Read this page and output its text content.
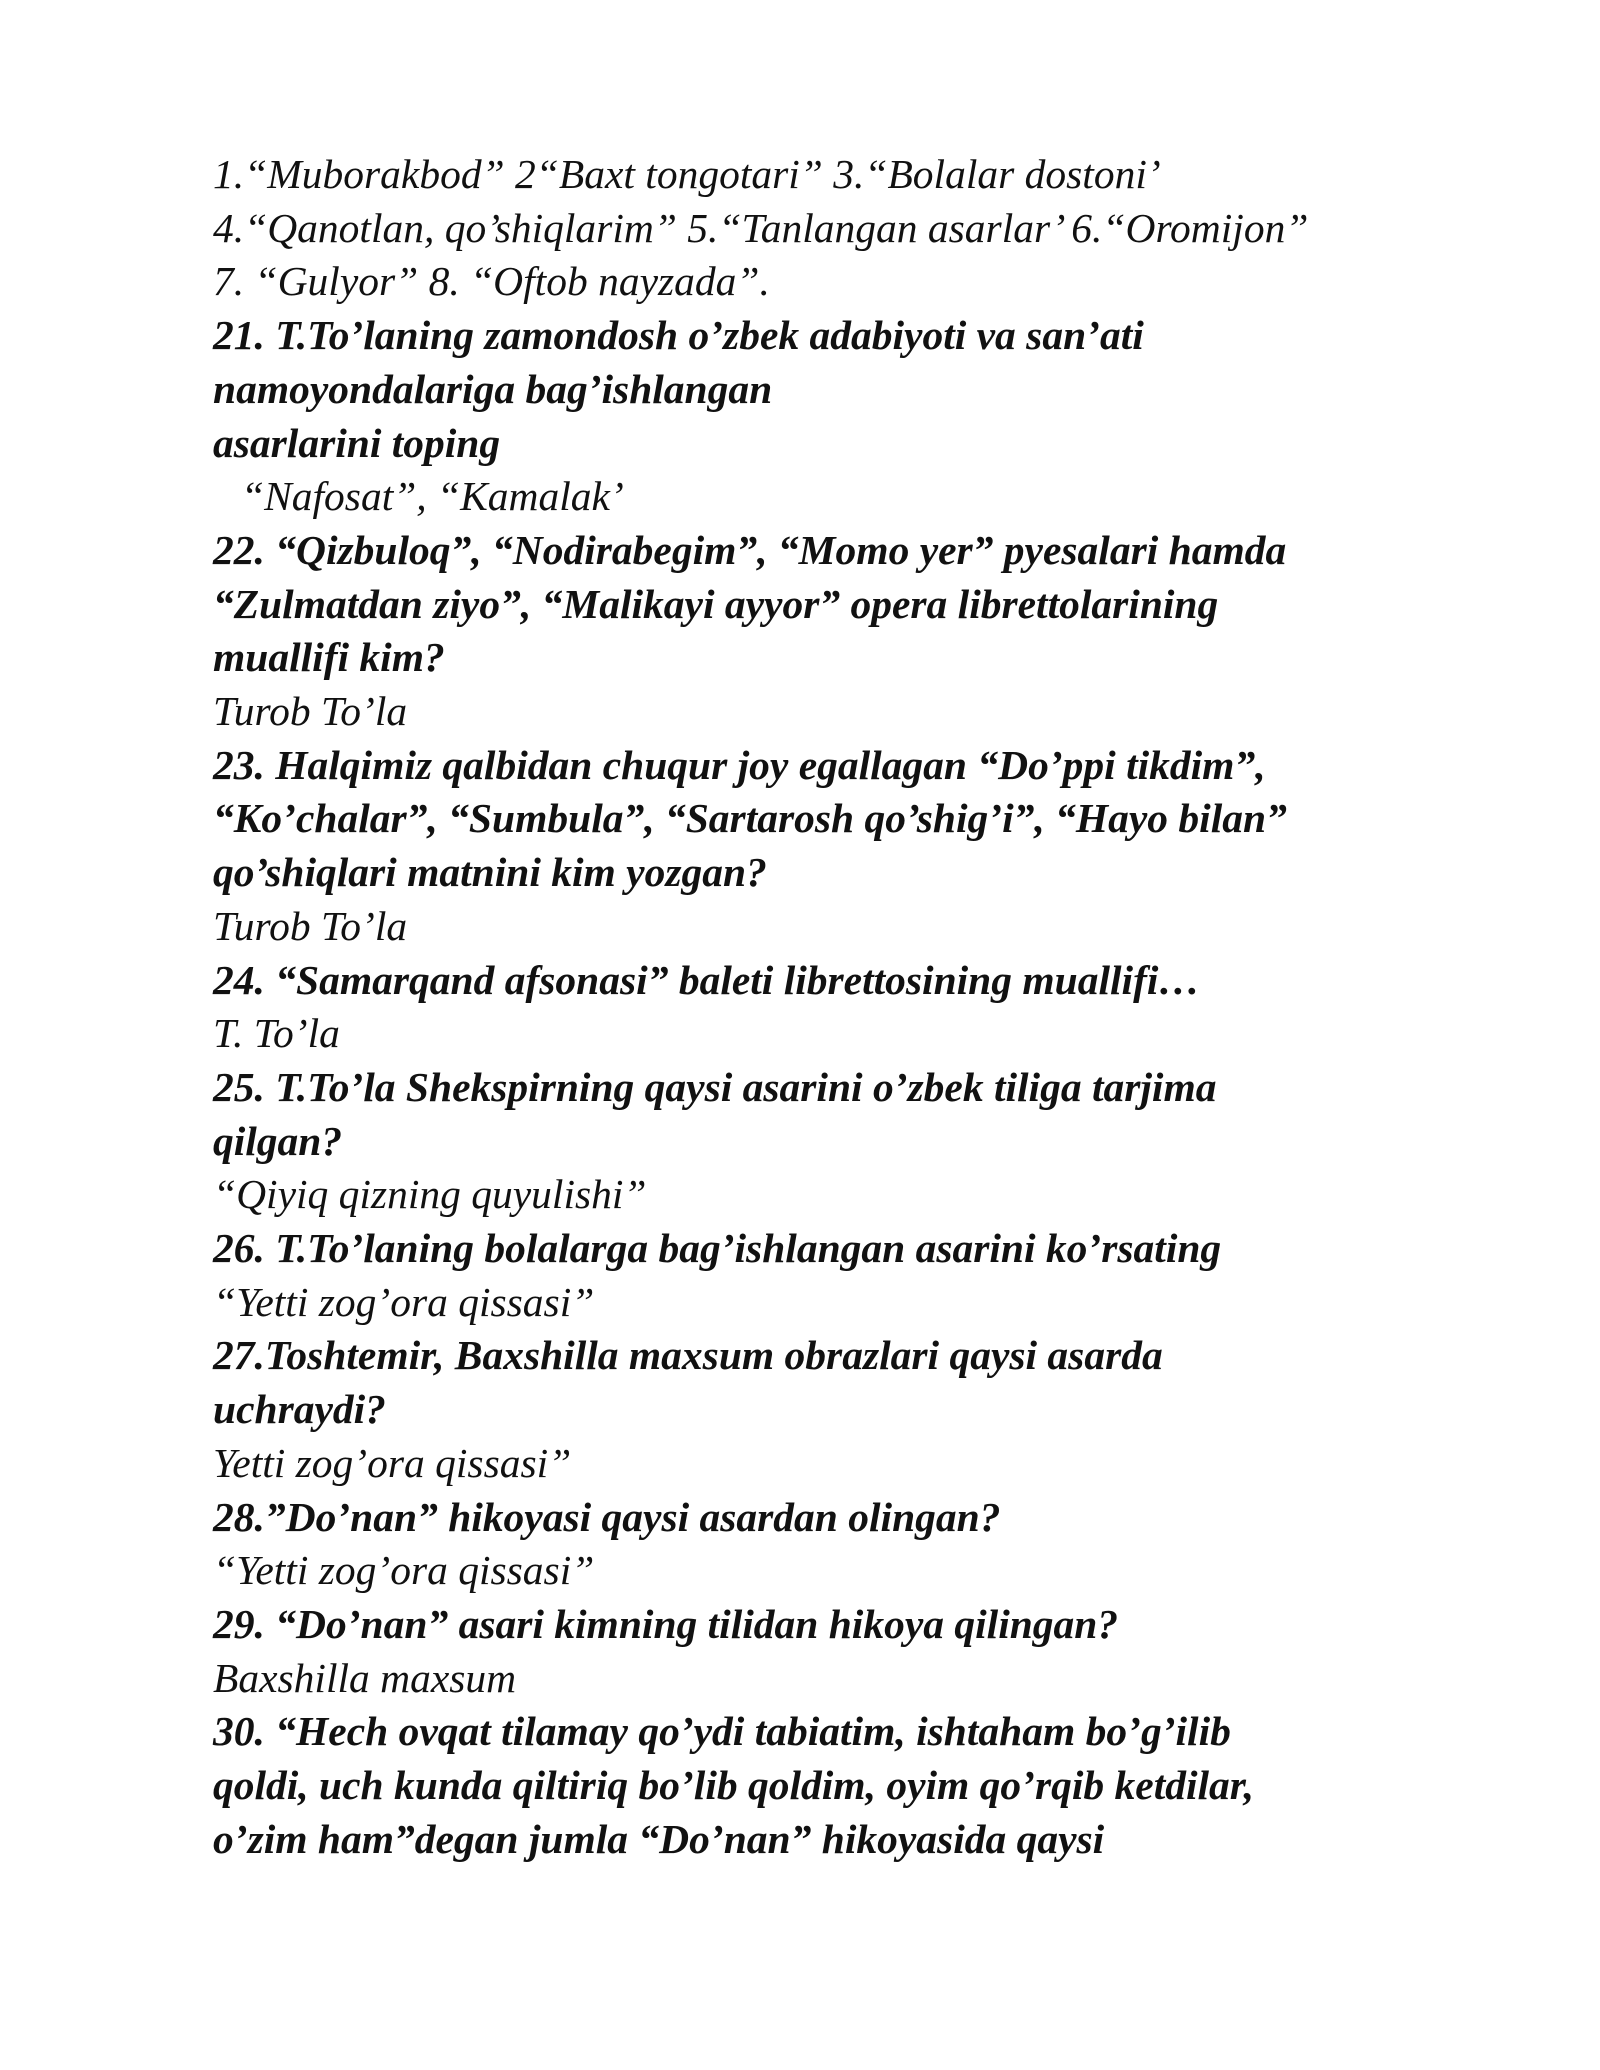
1.“Muborakbod” 2“Baxt tongotari” 3.“Bolalar dostoni’
4.“Qanotlan, qo’shiqlarim” 5.“Tanlangan asarlar’ 6.“Oromijon”
7. “Gulyor” 8. “Oftob nayzada”.
21. T.To’laning zamondosh o’zbek adabiyoti va san’ati
namoyondalariga bag’ishlangan
asarlarini toping
“Nafosat”, “Kamalak’
22. “Qizbuloq”, “Nodirabegim”, “Momo yer” pyesalari hamda
“Zulmatdan ziyo”, “Malikayi ayyor” opera librettolarining
muallifi kim?
Turob To’la
23. Halqimiz qalbidan chuqur joy egallagan “Do’ppi tikdim”,
“Ko’chalar”, “Sumbula”, “Sartarosh qo’shig’i”, “Hayo bilan”
qo’shiqlari matnini kim yozgan?
Turob To’la
24. “Samarqand afsonasi” baleti librettosining muallifi…
T. To’la
25. T.To’la Shekspirning qaysi asarini o’zbek tiliga tarjima
qilgan?
“Qiyiq qizning quyulishi”
26. T.To’laning bolalarga bag’ishlangan asarini ko’rsating
“Yetti zog’ora qissasi”
27.Toshtemir, Baxshilla maxsum obrazlari qaysi asarda
uchraydi?
Yetti zog’ora qissasi”
28.”Do’nan” hikoyasi qaysi asardan olingan?
“Yetti zog’ora qissasi”
29. “Do’nan” asari kimning tilidan hikoya qilingan?
Baxshilla maxsum
30. “Hech ovqat tilamay qo’ydi tabiatim, ishtaham bo’g’ilib
qoldi, uch kunda qiltiriq bo’lib qoldim, oyim qo’rqib ketdilar,
o’zim ham”degan jumla “Do’nan” hikoyasida qaysi
